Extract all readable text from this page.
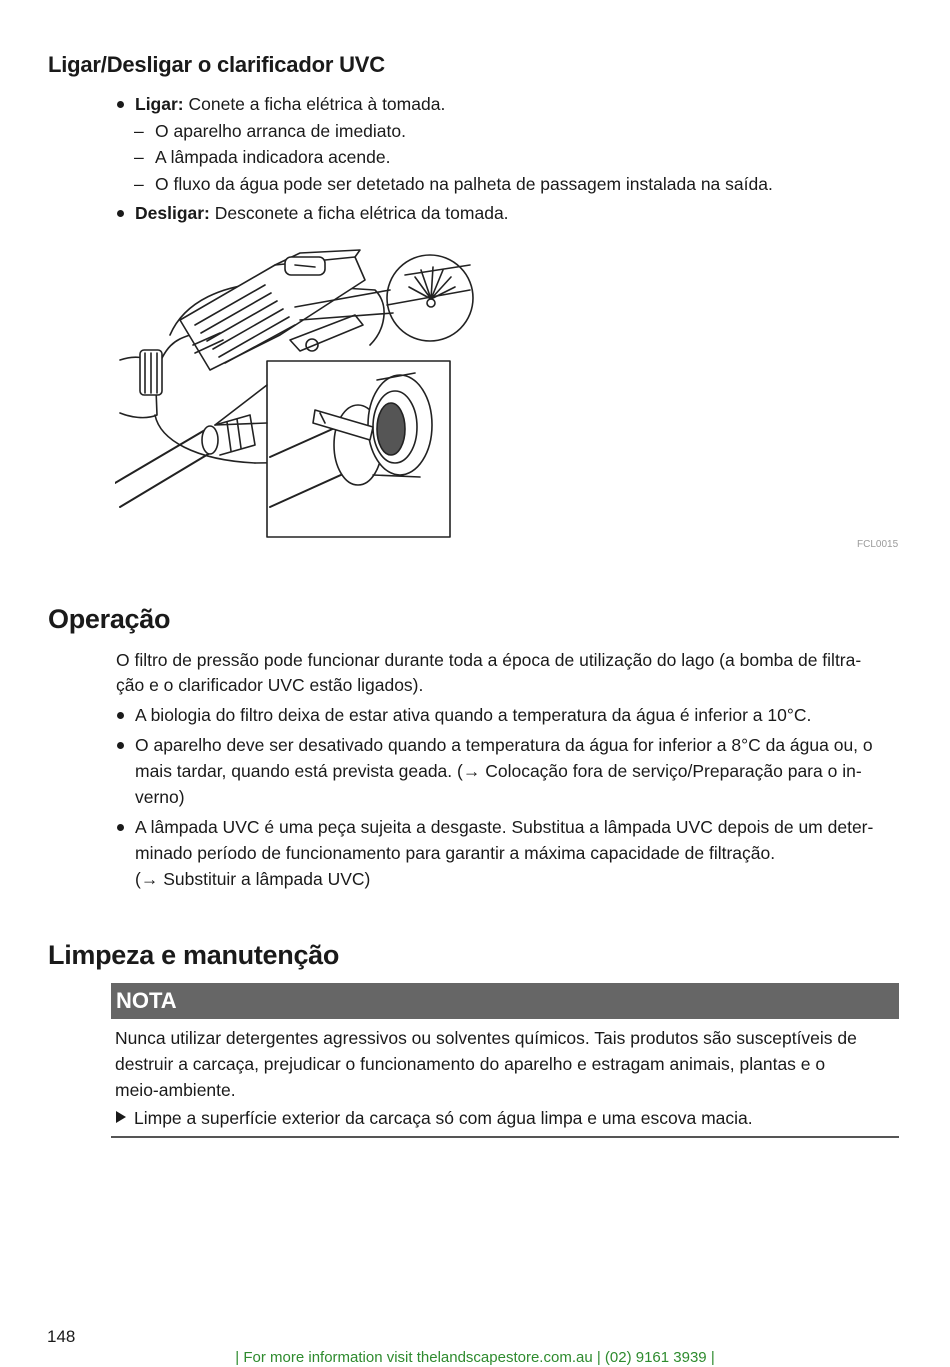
Ligar/Desligar o clarificador UVC
Ligar: Conete a ficha elétrica à tomada.
– O aparelho arranca de imediato.
– A lâmpada indicadora acende.
– O fluxo da água pode ser detetado na palheta de passagem instalada na saída.
Desligar: Desconete a ficha elétrica da tomada.
FCL0015
Operação
O filtro de pressão pode funcionar durante toda a época de utilização do lago (a bomba de filtra-
ção e o clarificador UVC estão ligados).
A biologia do filtro deixa de estar ativa quando a temperatura da água é inferior a 10°C.
O aparelho deve ser desativado quando a temperatura da água for inferior a 8°C da água ou, o
mais tardar, quando está prevista geada. (→ Colocação fora de serviço/Preparação para o in-
verno)
A lâmpada UVC é uma peça sujeita a desgaste. Substitua a lâmpada UVC depois de um deter-
minado período de funcionamento para garantir a máxima capacidade de filtração.
(→ Substituir a lâmpada UVC)
Limpeza e manutenção
NOTA
Nunca utilizar detergentes agressivos ou solventes químicos. Tais produtos são susceptíveis de
destruir a carcaça, prejudicar o funcionamento do aparelho e estragam animais, plantas e o
meio-ambiente.
Limpe a superfície exterior da carcaça só com água limpa e uma escova macia.
148
| For more information visit thelandscapestore.com.au | (02) 9161 3939 |
